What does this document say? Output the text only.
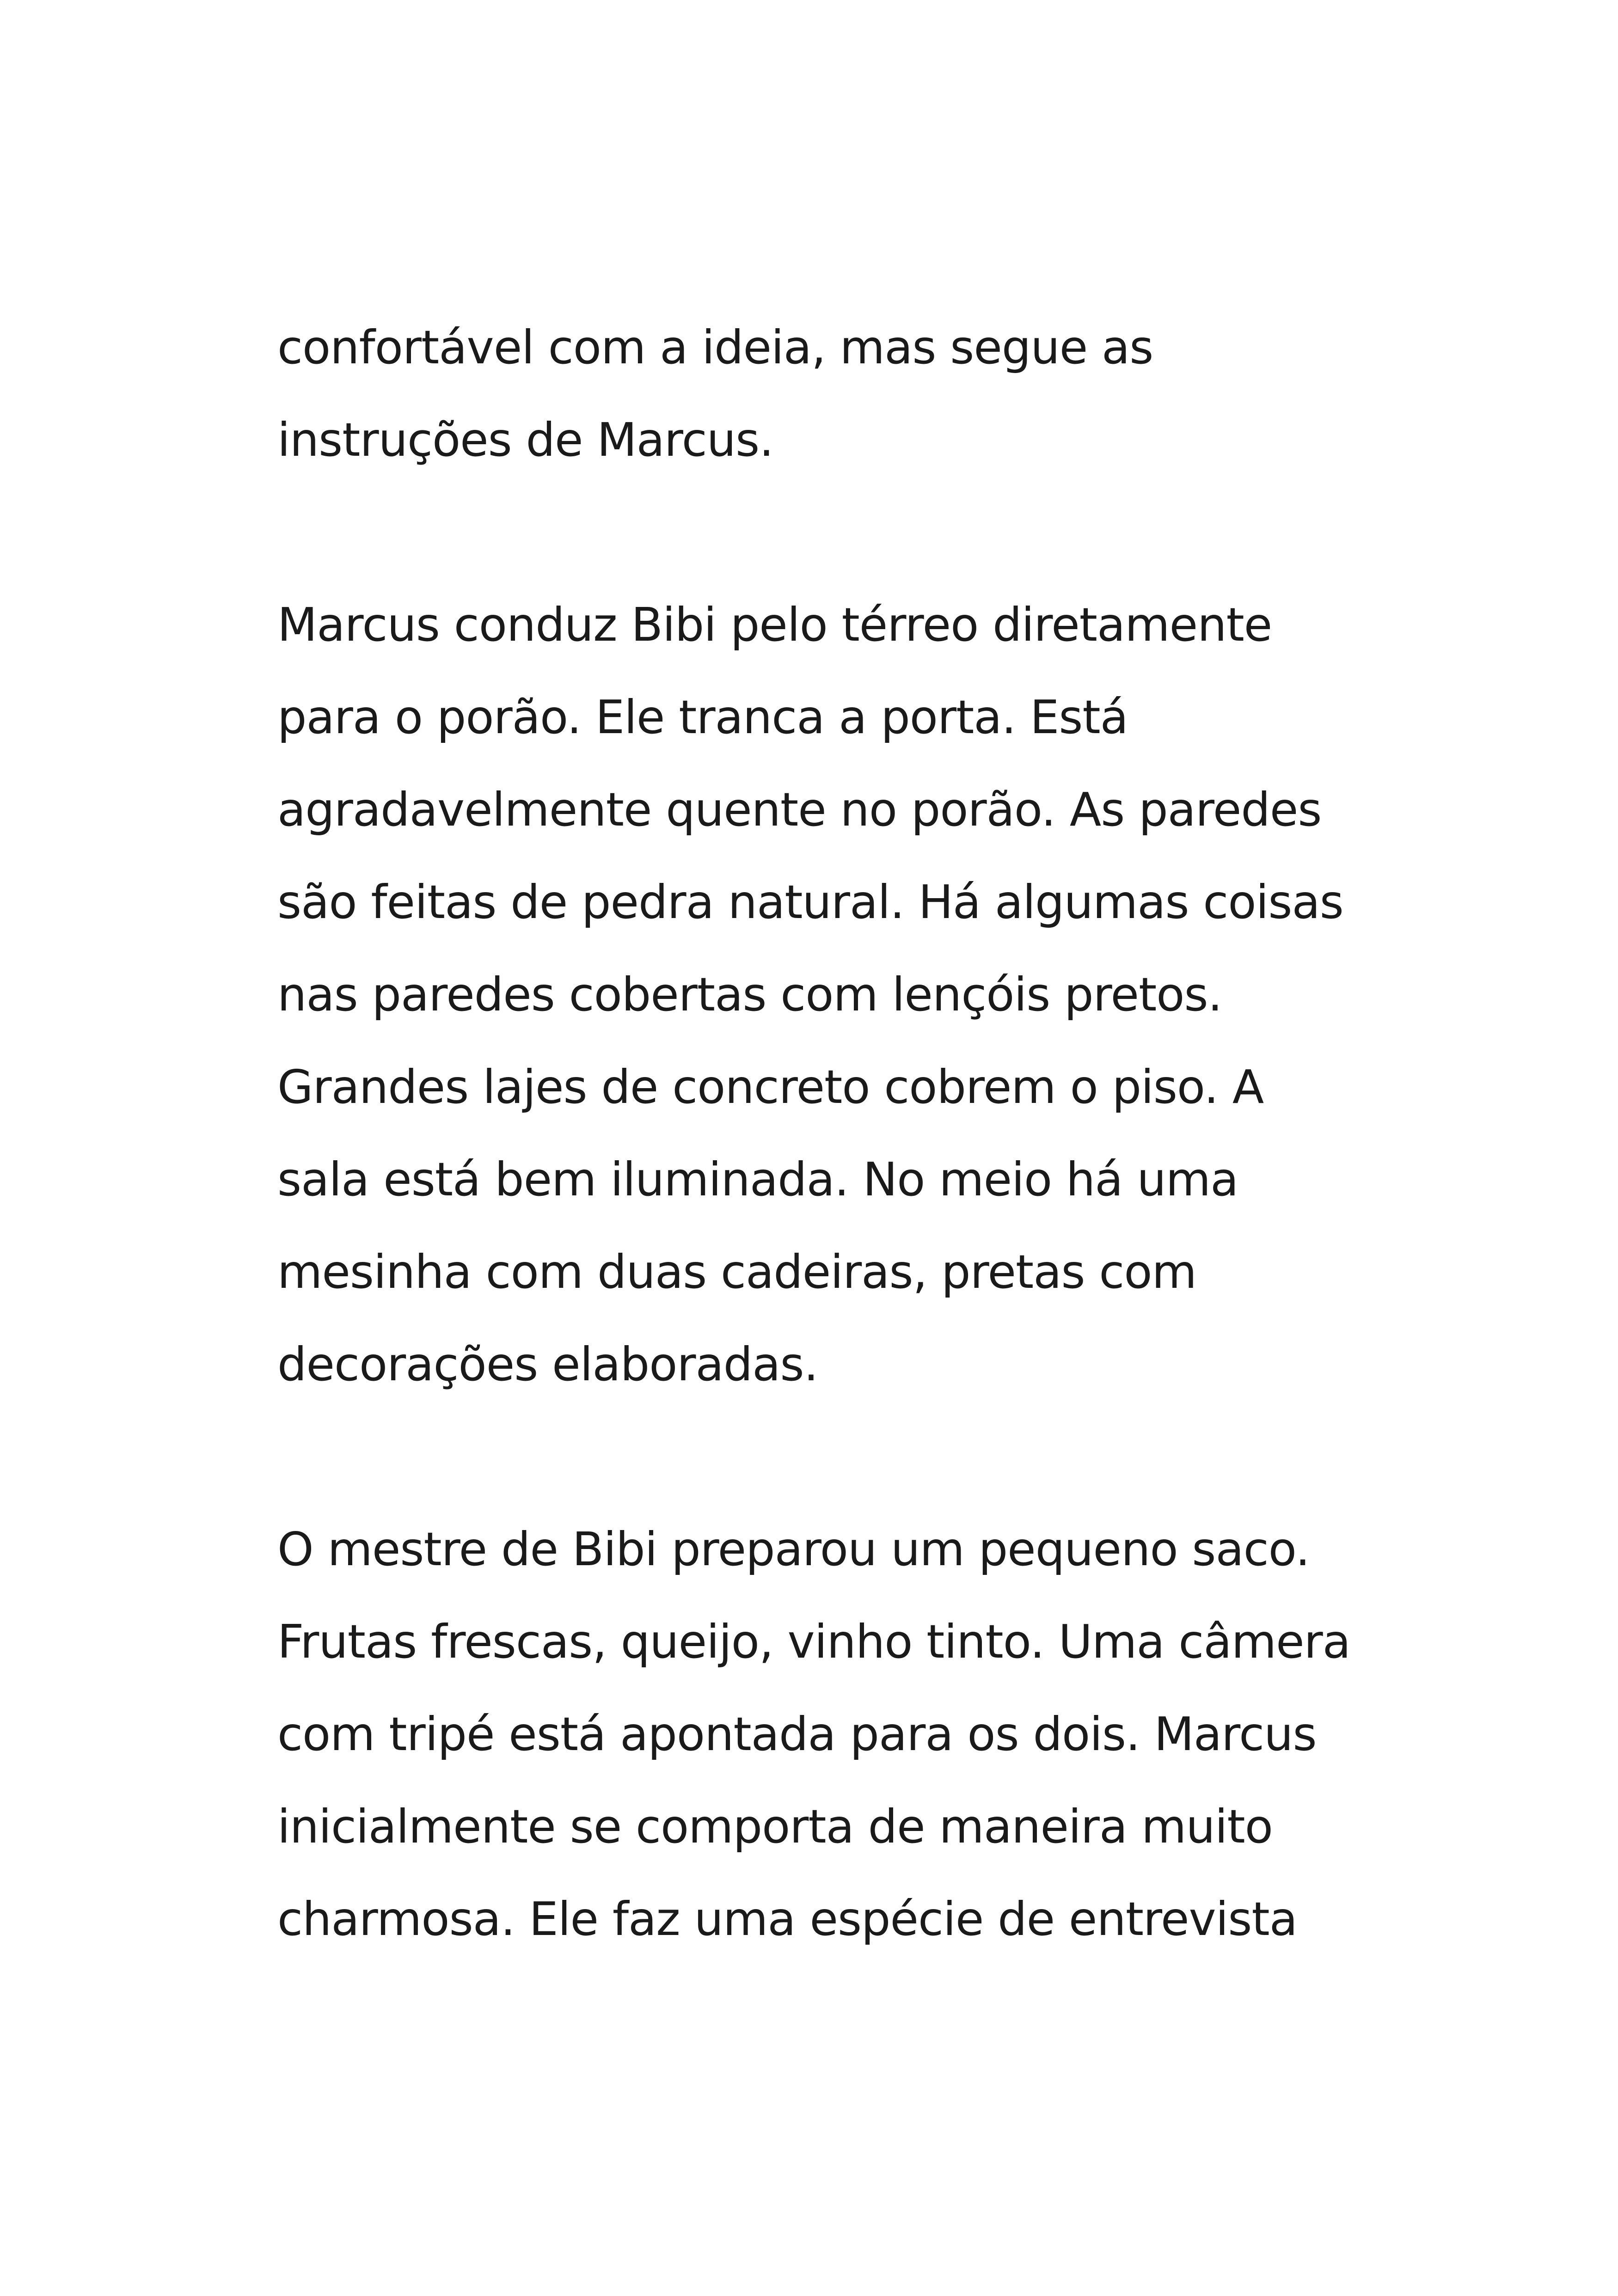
confortável com a ideia, mas segue as
instruções de Marcus.
Marcus conduz Bibi pelo térreo diretamente
para o porão. Ele tranca a porta. Está
agradavelmente quente no porão. As paredes
são feitas de pedra natural. Há algumas coisas
nas paredes cobertas com lençóis pretos.
Grandes lajes de concreto cobrem o piso. A
sala está bem iluminada. No meio há uma
mesinha com duas cadeiras, pretas com
decorações elaboradas.
O mestre de Bibi preparou um pequeno saco.
Frutas frescas, queijo, vinho tinto. Uma câmera
com tripé está apontada para os dois. Marcus
inicialmente se comporta de maneira muito
charmosa. Ele faz uma espécie de entrevista
